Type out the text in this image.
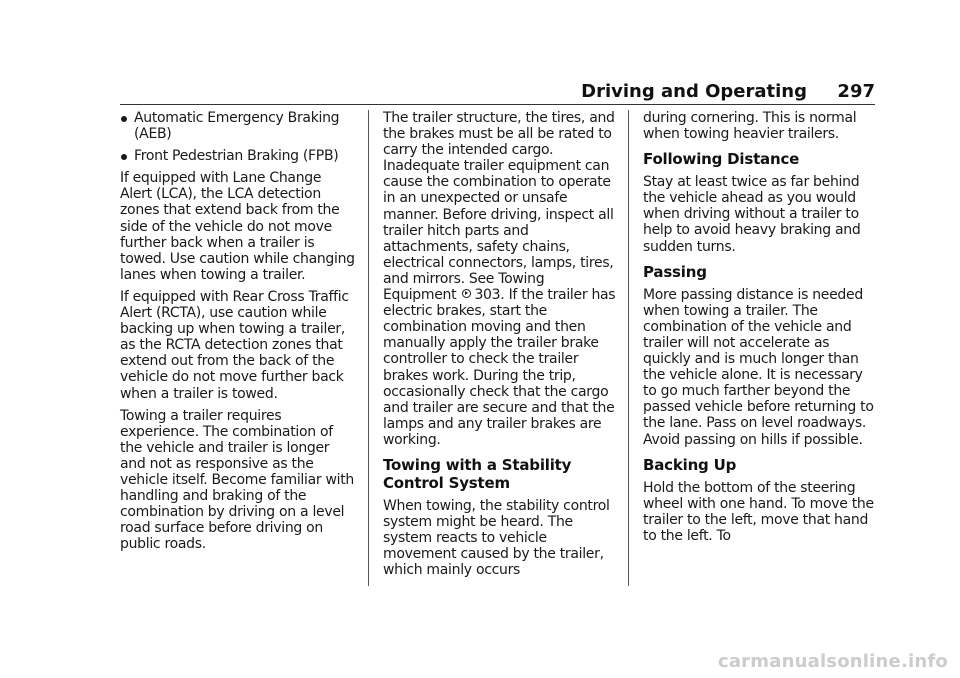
Driving and Operating 297
Automatic Emergency Braking (AEB)
Front Pedestrian Braking (FPB)

If equipped with Lane Change Alert (LCA), the LCA detection zones that extend back from the side of the vehicle do not move further back when a trailer is towed. Use caution while changing lanes when towing a trailer.

If equipped with Rear Cross Traffic Alert (RCTA), use caution while backing up when towing a trailer, as the RCTA detection zones that extend out from the back of the vehicle do not move further back when a trailer is towed.

Towing a trailer requires experience. The combination of the vehicle and trailer is longer and not as responsive as the vehicle itself. Become familiar with handling and braking of the combination by driving on a level road surface before driving on public roads.

The trailer structure, the tires, and the brakes must be all be rated to carry the intended cargo. Inadequate trailer equipment can cause the combination to operate in an unexpected or unsafe manner. Before driving, inspect all trailer hitch parts and attachments, safety chains, electrical connectors, lamps, tires, and mirrors. See Towing Equipment 303. If the trailer has electric brakes, start the combination moving and then manually apply the trailer brake controller to check the trailer brakes work. During the trip, occasionally check that the cargo and trailer are secure and that the lamps and any trailer brakes are working.

Towing with a Stability Control System

When towing, the stability control system might be heard. The system reacts to vehicle movement caused by the trailer, which mainly occurs

during cornering. This is normal when towing heavier trailers.

Following Distance

Stay at least twice as far behind the vehicle ahead as you would when driving without a trailer to help to avoid heavy braking and sudden turns.

Passing

More passing distance is needed when towing a trailer. The combination of the vehicle and trailer will not accelerate as quickly and is much longer than the vehicle alone. It is necessary to go much farther beyond the passed vehicle before returning to the lane. Pass on level roadways. Avoid passing on hills if possible.

Backing Up

Hold the bottom of the steering wheel with one hand. To move the trailer to the left, move that hand to the left. To

carmanualsonline.info
